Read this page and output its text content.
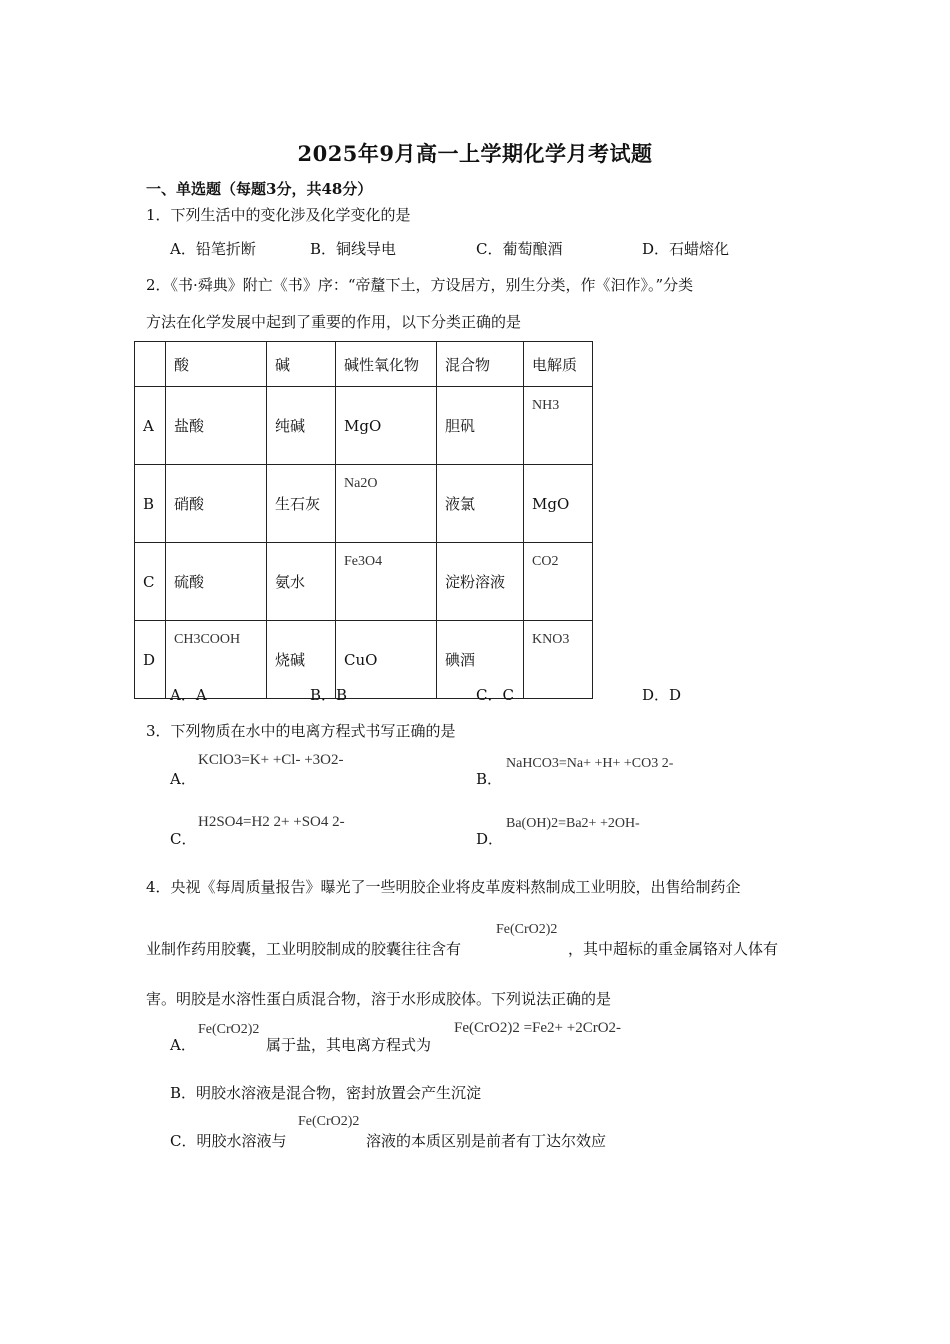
2025年9月高一上学期化学月考试题
一、单选题（每题3分，共48分）
1．下列生活中的变化涉及化学变化的是
A．铅笔折断	B．铜线导电	C．葡萄酿酒	D．石蜡熔化
2．《书·舜典》附亡《书》序：“帝釐下土，方设居方，别生分类，作《汩作》。”分类
方法在化学发展中起到了重要的作用，以下分类正确的是
	酸	碱	碱性氧化物	混合物	电解质
A	盐酸	纯碱	MgO	胆矾	NH3
B	硝酸	生石灰	Na2O	液氯	MgO
C	硫酸	氨水	Fe3O4	淀粉溶液	CO2
D	CH3COOH	烧碱	CuO	碘酒	KNO3
A．A	B．B	C．C	D．D
3．下列物质在水中的电离方程式书写正确的是
A．
KClO3=K+ +Cl- +3O2-
B．
NaHCO3=Na+ +H+ +CO3 2-
C．
H2SO4=H2 2+ +SO4 2-
D．
Ba(OH)2=Ba2+ +2OH-
4．央视《每周质量报告》曝光了一些明胶企业将皮革废料熬制成工业明胶，出售给制药企
业制作药用胶囊，工业明胶制成的胶囊往往含有
Fe(CrO2)2
，其中超标的重金属铬对人体有
害。明胶是水溶性蛋白质混合物，溶于水形成胶体。下列说法正确的是
A．
Fe(CrO2)2
属于盐，其电离方程式为
Fe(CrO2)2 =Fe2+ +2CrO2-
B．明胶水溶液是混合物，密封放置会产生沉淀
C．明胶水溶液与
Fe(CrO2)2
溶液的本质区别是前者有丁达尔效应
